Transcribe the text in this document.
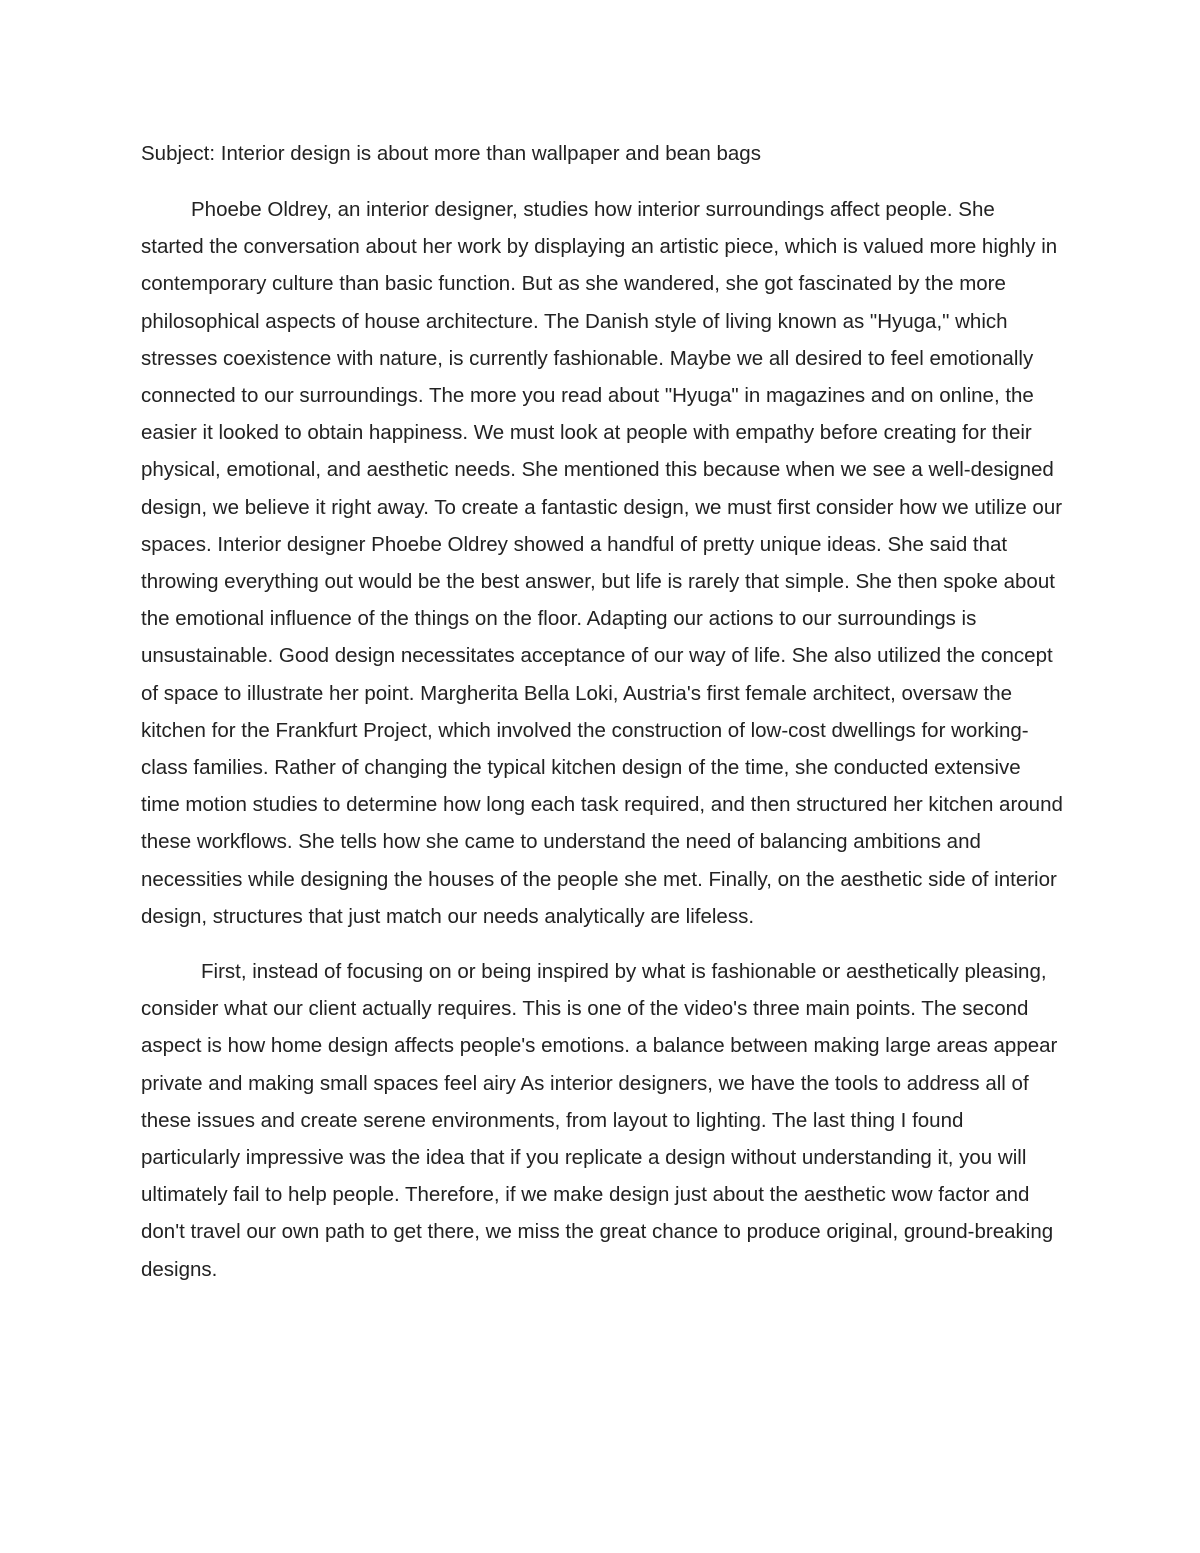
Subject: Interior design is about more than wallpaper and bean bags

Phoebe Oldrey, an interior designer, studies how interior surroundings affect people. She started the conversation about her work by displaying an artistic piece, which is valued more highly in contemporary culture than basic function. But as she wandered, she got fascinated by the more philosophical aspects of house architecture. The Danish style of living known as "Hyuga," which stresses coexistence with nature, is currently fashionable. Maybe we all desired to feel emotionally connected to our surroundings. The more you read about "Hyuga" in magazines and on online, the easier it looked to obtain happiness. We must look at people with empathy before creating for their physical, emotional, and aesthetic needs. She mentioned this because when we see a well-designed design, we believe it right away. To create a fantastic design, we must first consider how we utilize our spaces. Interior designer Phoebe Oldrey showed a handful of pretty unique ideas. She said that throwing everything out would be the best answer, but life is rarely that simple. She then spoke about the emotional influence of the things on the floor. Adapting our actions to our surroundings is unsustainable. Good design necessitates acceptance of our way of life. She also utilized the concept of space to illustrate her point. Margherita Bella Loki, Austria's first female architect, oversaw the kitchen for the Frankfurt Project, which involved the construction of low-cost dwellings for working-class families. Rather of changing the typical kitchen design of the time, she conducted extensive time motion studies to determine how long each task required, and then structured her kitchen around these workflows. She tells how she came to understand the need of balancing ambitions and necessities while designing the houses of the people she met. Finally, on the aesthetic side of interior design, structures that just match our needs analytically are lifeless.

First, instead of focusing on or being inspired by what is fashionable or aesthetically pleasing, consider what our client actually requires. This is one of the video's three main points. The second aspect is how home design affects people's emotions. a balance between making large areas appear private and making small spaces feel airy As interior designers, we have the tools to address all of these issues and create serene environments, from layout to lighting. The last thing I found particularly impressive was the idea that if you replicate a design without understanding it, you will ultimately fail to help people. Therefore, if we make design just about the aesthetic wow factor and don't travel our own path to get there, we miss the great chance to produce original, ground-breaking designs.
